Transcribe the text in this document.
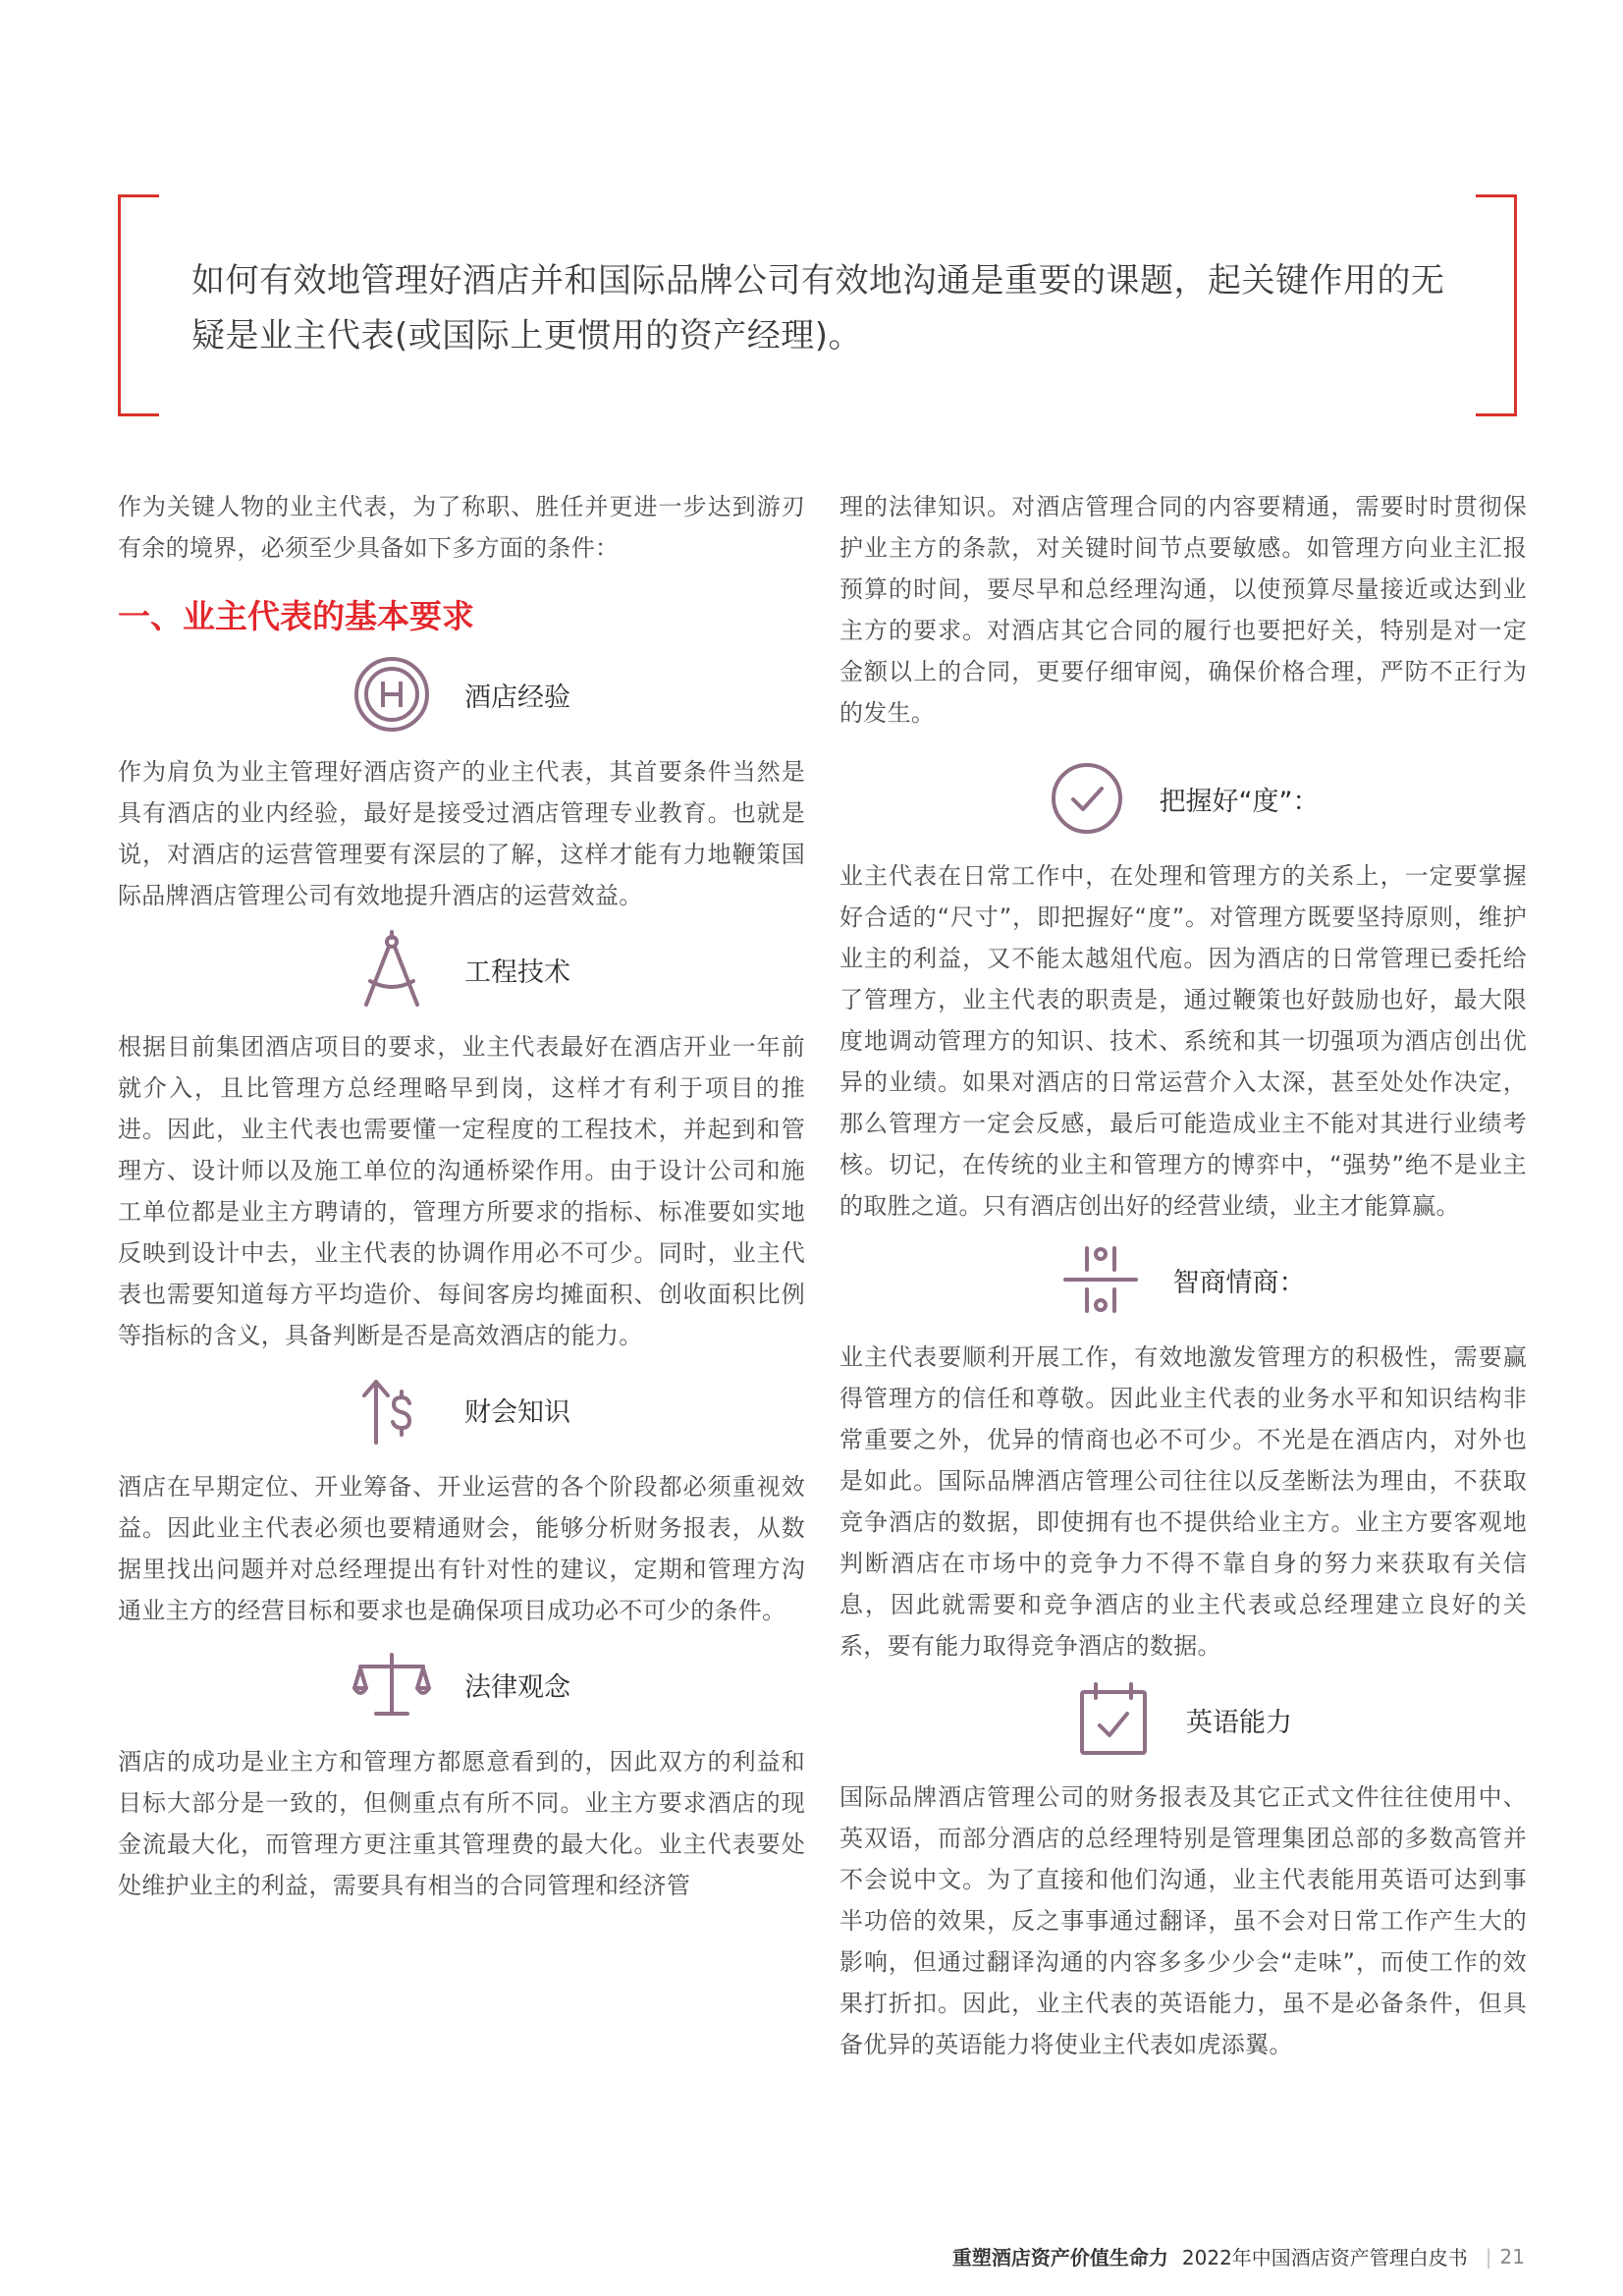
如何有效地管理好酒店并和国际品牌公司有效地沟通是重要的课题，起关键作用的无疑是业主代表(或国际上更惯用的资产经理)。

作为关键人物的业主代表，为了称职、胜任并更进一步达到游刃有余的境界，必须至少具备如下多方面的条件：

一、业主代表的基本要求
酒店经验

作为肩负为业主管理好酒店资产的业主代表，其首要条件当然是具有酒店的业内经验，最好是接受过酒店管理专业教育。也就是说，对酒店的运营管理要有深层的了解，这样才能有力地鞭策国际品牌酒店管理公司有效地提升酒店的运营效益。

工程技术

根据目前集团酒店项目的要求，业主代表最好在酒店开业一年前就介入，且比管理方总经理略早到岗，这样才有利于项目的推进。因此，业主代表也需要懂一定程度的工程技术，并起到和管理方、设计师以及施工单位的沟通桥梁作用。由于设计公司和施工单位都是业主方聘请的，管理方所要求的指标、标准要如实地反映到设计中去，业主代表的协调作用必不可少。同时，业主代表也需要知道每方平均造价、每间客房均摊面积、创收面积比例等指标的含义，具备判断是否是高效酒店的能力。

财会知识

酒店在早期定位、开业筹备、开业运营的各个阶段都必须重视效益。因此业主代表必须也要精通财会，能够分析财务报表，从数据里找出问题并对总经理提出有针对性的建议，定期和管理方沟通业主方的经营目标和要求也是确保项目成功必不可少的条件。

法律观念

酒店的成功是业主方和管理方都愿意看到的，因此双方的利益和目标大部分是一致的，但侧重点有所不同。业主方要求酒店的现金流最大化，而管理方更注重其管理费的最大化。业主代表要处处维护业主的利益，需要具有相当的合同管理和经济管

理的法律知识。对酒店管理合同的内容要精通，需要时时贯彻保护业主方的条款，对关键时间节点要敏感。如管理方向业主汇报预算的时间，要尽早和总经理沟通，以使预算尽量接近或达到业主方的要求。对酒店其它合同的履行也要把好关，特别是对一定金额以上的合同，更要仔细审阅，确保价格合理，严防不正行为的发生。

把握好“度”：

业主代表在日常工作中，在处理和管理方的关系上，一定要掌握好合适的“尺寸”，即把握好“度”。对管理方既要坚持原则，维护业主的利益，又不能太越俎代庖。因为酒店的日常管理已委托给了管理方，业主代表的职责是，通过鞭策也好鼓励也好，最大限度地调动管理方的知识、技术、系统和其一切强项为酒店创出优异的业绩。如果对酒店的日常运营介入太深，甚至处处作决定，那么管理方一定会反感，最后可能造成业主不能对其进行业绩考核。切记，在传统的业主和管理方的博弈中，“强势”绝不是业主的取胜之道。只有酒店创出好的经营业绩，业主才能算赢。

智商情商：

业主代表要顺利开展工作，有效地激发管理方的积极性，需要赢得管理方的信任和尊敬。因此业主代表的业务水平和知识结构非常重要之外，优异的情商也必不可少。不光是在酒店内，对外也是如此。国际品牌酒店管理公司往往以反垄断法为理由，不获取竞争酒店的数据，即使拥有也不提供给业主方。业主方要客观地判断酒店在市场中的竞争力不得不靠自身的努力来获取有关信息，因此就需要和竞争酒店的业主代表或总经理建立良好的关系，要有能力取得竞争酒店的数据。

英语能力

国际品牌酒店管理公司的财务报表及其它正式文件往往使用中、英双语，而部分酒店的总经理特别是管理集团总部的多数高管并不会说中文。为了直接和他们沟通，业主代表能用英语可达到事半功倍的效果，反之事事通过翻译，虽不会对日常工作产生大的影响，但通过翻译沟通的内容多多少少会“走味”，而使工作的效果打折扣。因此，业主代表的英语能力，虽不是必备条件，但具备优异的英语能力将使业主代表如虎添翼。

重塑酒店资产价值生命力 2022年中国酒店资产管理白皮书 | 21
